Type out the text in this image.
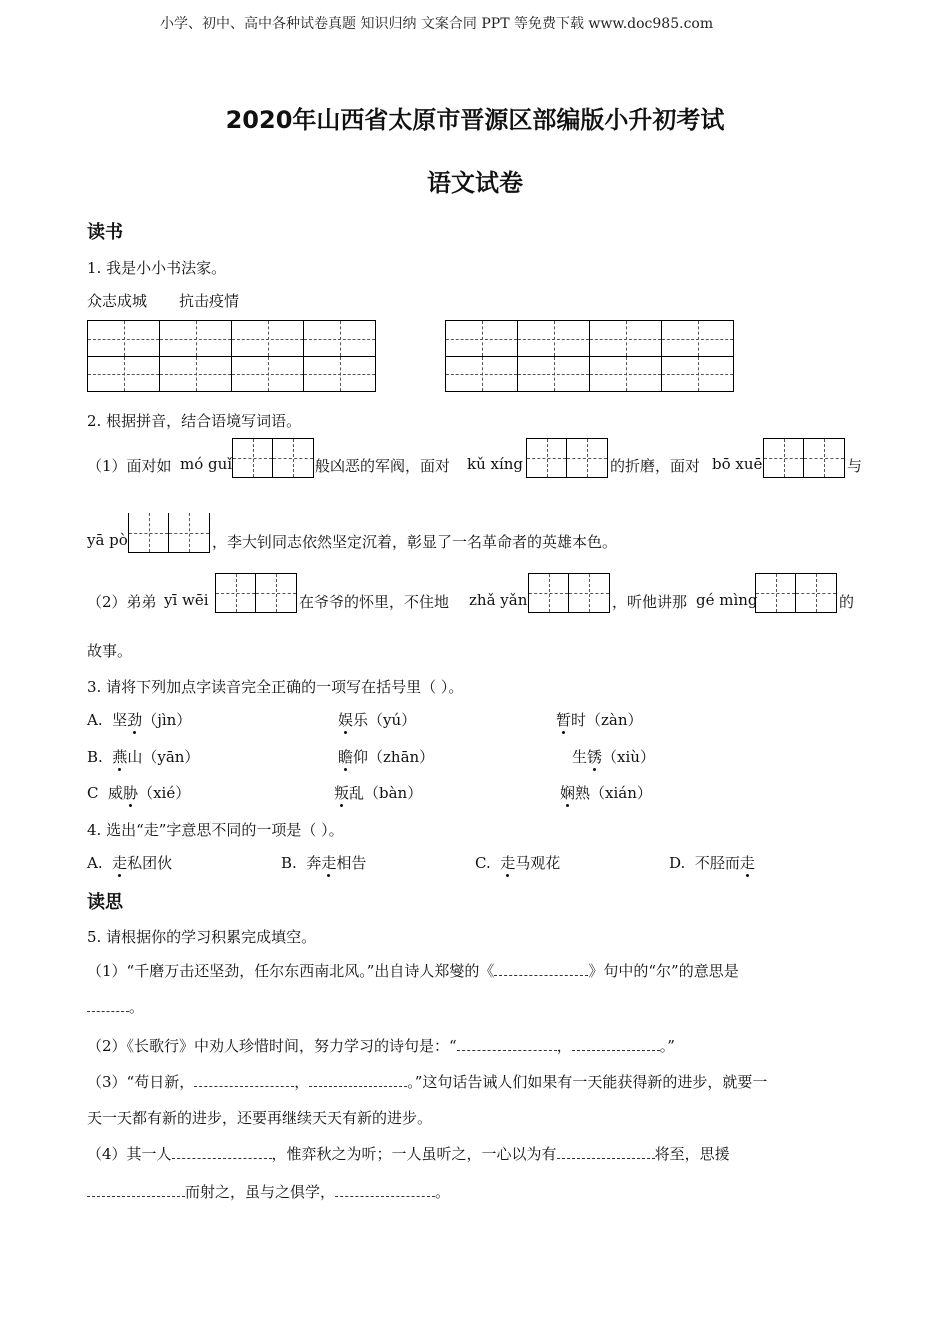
小学、初中、高中各种试卷真题 知识归纳 文案合同 PPT 等免费下载 www.doc985.com
2020年山西省太原市晋源区部编版小升初考试
语文试卷
读书
1. 我是小小书法家。
众志成城 抗击疫情
2. 根据拼音，结合语境写词语。
（1）面对如 mó guǐ	般凶恶的军阀，面对 kǔ xíng	的折磨，面对 bō xuē	与
yā pò	，李大钊同志依然坚定沉着，彰显了一名革命者的英雄本色。
（2）弟弟 yī wēi	在爷爷的怀里，不住地 zhǎ yǎn	，听他讲那 gé mìng	的
故事。
3. 请将下列加点字读音完全正确的一项写在括号里（ ）。
A. 坚劲（jìn）	娱乐（yú）	暂时（zàn）
B. 燕山（yān）	瞻仰（zhān）	生锈（xiù）
C 威胁（xié）	叛乱（bàn）	娴熟（xián）
4. 选出“走”字意思不同的一项是（ ）。
A. 走私团伙	B. 奔走相告	C. 走马观花	D. 不胫而走
读思
5. 请根据你的学习积累完成填空。
（1）“千磨万击还坚劲，任尔东西南北风。”出自诗人郑燮的《	》句中的“尔”的意思是
。
（2）《长歌行》中劝人珍惜时间，努力学习的诗句是：“	，	。”
（3）“苟日新，	，	。”这句话告诫人们如果有一天能获得新的进步，就要一
天一天都有新的进步，还要再继续天天有新的进步。
（4）其一人	，惟弈秋之为听；一人虽听之，一心以为有	将至，思援
而射之，虽与之俱学，	。
